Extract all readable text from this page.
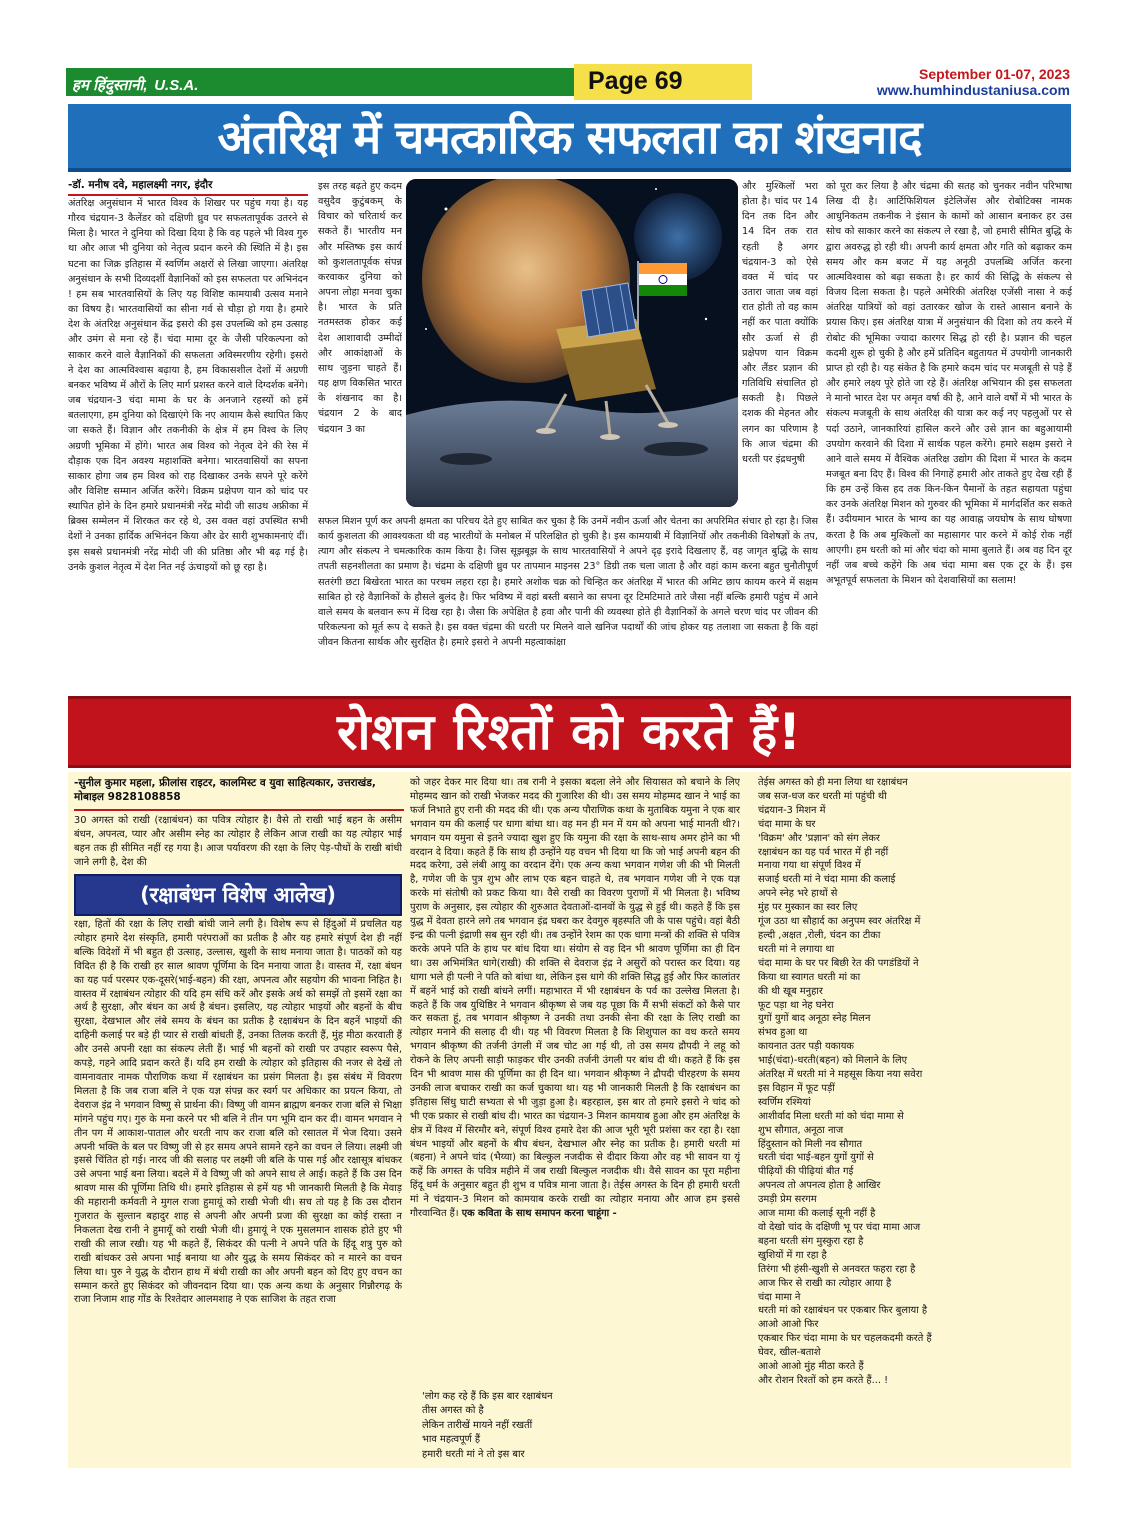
हम हिंदुस्तानी, U.S.A.	Page 69	September 01-07, 2023
www.humhindustaniusa.com
अंतरिक्ष में चमत्कारिक सफलता का शंखनाद
-डॉ. मनीष दवे, महालक्ष्मी नगर, इंदौर
अंतरिक्ष अनुसंधान में भारत विश्व के शिखर पर पहुंच गया है। यह गौरव चंद्रयान-3 कैलेंडर को दक्षिणी ध्रुव पर सफलतापूर्वक उतरने से मिला है। भारत ने दुनिया को दिखा दिया है कि वह पहले भी विश्व गुरु था और आज भी दुनिया को नेतृत्व प्रदान करने की स्थिति में है। इस घटना का जिक्र इतिहास में स्वर्णिम अक्षरों से लिखा जाएगा। अंतरिक्ष अनुसंधान के सभी दिव्यदर्शी वैज्ञानिकों को इस सफलता पर अभिनंदन ! हम सब भारतवासियों के लिए यह विशिष्ट कामयाबी उत्सव मनाने का विषय है। भारतवासियों का सीना गर्व से चौड़ा हो गया है। हमारे देश के अंतरिक्ष अनुसंधान केंद्र इसरो की इस उपलब्धि को हम उत्साह और उमंग से मना रहे हैं। चंदा मामा दूर के जैसी परिकल्पना को साकार करने वाले वैज्ञानिकों की सफलता अविस्मरणीय रहेगी। इसरो ने देश का आत्मविश्वास बढ़ाया है, हम विकासशील देशों में अग्रणी बनकर भविष्य में औरों के लिए मार्ग प्रशस्त करने वाले दिग्दर्शक बनेंगे। जब चंद्रयान-3 चंदा मामा के घर के अनजाने रहस्यों को हमें बतलाएगा, हम दुनिया को दिखाएंगे कि नए आयाम कैसे स्थापित किए जा सकते हैं। विज्ञान और तकनीकी के क्षेत्र में हम विश्व के लिए अग्रणी भूमिका में होंगे। भारत अब विश्व को नेतृत्व देने की रेस में दौड़ाक एक दिन अवश्य महाशक्ति बनेगा। भारतवासियों का सपना साकार होगा जब हम विश्व को राह दिखाकर उनके सपने पूरे करेंगे और विशिष्ट सम्मान अर्जित करेंगे। विक्रम प्रक्षेपण यान को चांद पर स्थापित होने के दिन हमारे प्रधानमंत्री नरेंद्र मोदी जी साउथ अफ्रीका में ब्रिक्स सम्मेलन में शिरकत कर रहे थे, उस वक्त वहां उपस्थित सभी देशों ने उनका हार्दिक अभिनंदन किया और ढेर सारी शुभकामनाएं दीं। इस सबसे प्रधानमंत्री नरेंद्र मोदी जी की प्रतिष्ठा और भी बढ़ गई है। उनके कुशल नेतृत्व में देश नित नई ऊंचाइयों को छू रहा है।
इस तरह बढ़ते हुए कदम वसुदैव कुटुंबकम् के विचार को चरितार्थ कर सकते हैं। भारतीय मन और मस्तिष्क इस कार्य को कुशलतापूर्वक संपन्न करवाकर दुनिया को अपना लोहा मनवा चुका है। भारत के प्रति नतमस्तक होकर कई देश आशावादी उम्मीदों और आकांक्षाओं के साथ जुड़ना चाहते हैं। यह क्षण विकसित भारत के शंखनाद का है। चंद्रयान 2 के बाद चंद्रयान 3 का
और मुश्किलों भरा होता है। चांद पर 14 दिन तक दिन और 14 दिन तक रात रहती है अगर चंद्रयान-3 को ऐसे वक्त में चांद पर उतारा जाता जब वहां रात होती तो वह काम नहीं कर पाता क्योंकि सौर ऊर्जा से ही प्रक्षेपण यान विक्रम और लैंडर प्रज्ञान की गतिविधि संचालित हो सकती है। पिछले दशक की मेहनत और लगन का परिणाम है कि आज चंद्रमा की धरती पर इंद्रधनुषी
को पूरा कर लिया है और चंद्रमा की सतह को चुनकर नवीन परिभाषा लिख दी है। आर्टिफिशियल इंटेलिजेंस और रोबोटिक्स नामक आधुनिकतम तकनीक ने इंसान के कामों को आसान बनाकर हर उस सोच को साकार करने का संकल्प ले रखा है, जो हमारी सीमित बुद्धि के द्वारा अवरुद्ध हो रही थी। अपनी कार्य क्षमता और गति को बढ़ाकर कम समय और कम बजट में यह अनूठी उपलब्धि अर्जित करना आत्मविश्वास को बढ़ा सकता है। हर कार्य की सिद्धि के संकल्प से विजय दिला सकता है। पहले अमेरिकी अंतरिक्ष एजेंसी नासा ने कई अंतरिक्ष यात्रियों को वहां उतारकर खोज के रास्ते आसान बनाने के प्रयास किए। इस अंतरिक्ष यात्रा में अनुसंधान की दिशा को तय करने में रोबोट की भूमिका ज्यादा कारगर सिद्ध हो रही है। प्रज्ञान की चहल कदमी शुरू हो चुकी है और हमें प्रतिदिन बहुतायत में उपयोगी जानकारी प्राप्त हो रही है। यह संकेत है कि हमारे कदम चांद पर मजबूती से पड़े हैं और हमारे लक्ष्य पूरे होते जा रहे हैं। अंतरिक्ष अभियान की इस सफलता ने मानो भारत देश पर अमृत वर्षा की है, आने वाले वर्षों में भी भारत के संकल्प मजबूती के साथ अंतरिक्ष की यात्रा कर कई नए पहलुओं पर से पर्दा उठाने, जानकारियां हासिल करने और उसे ज्ञान का बहुआयामी उपयोग करवाने की दिशा में सार्थक पहल करेंगे। हमारे सक्षम इसरो ने आने वाले समय में वैश्विक अंतरिक्ष उद्योग की दिशा में भारत के कदम मजबूत बना दिए हैं। विश्व की निगाहें हमारी ओर ताकते हुए देख रही हैं कि हम उन्हें किस हद तक किन-किन पैमानों के तहत सहायता पहुंचा कर उनके अंतरिक्ष मिशन को गुरुवर की भूमिका में मार्गदर्शित कर सकते हैं। उदीयमान भारत के भाग्य का यह आवाह्न जयघोष के साथ घोषणा करता है कि अब मुश्किलों का महासागर पार करने में कोई रोक नहीं आएगी। हम धरती को मां और चंदा को मामा बुलाते हैं। अब वह दिन दूर नहीं जब बच्चे कहेंगे कि अब चंदा मामा बस एक टूर के हैं। इस अभूतपूर्व सफलता के मिशन को देशवासियों का सलाम!
सफल मिशन पूर्ण कर अपनी क्षमता का परिचय देते हुए साबित कर चुका है कि उनमें नवीन ऊर्जा और चेतना का अपरिमित संचार हो रहा है। जिस कार्य कुशलता की आवश्यकता थी वह भारतीयों के मनोबल में परिलक्षित हो चुकी है। इस कामयाबी में विज्ञानियों और तकनीकी विशेषज्ञों के तप, त्याग और संकल्प ने चमत्कारिक काम किया है। जिस सूझबूझ के साथ भारतवासियों ने अपने दृढ़ इरादे दिखलाए हैं, वह जागृत बुद्धि के साथ तपती सहनशीलता का प्रमाण है। चंद्रमा के दक्षिणी ध्रुव पर तापमान माइनस 23° डिग्री तक चला जाता है और वहां काम करना बहुत चुनौतीपूर्ण सतरंगी छटा बिखेरता भारत का परचम लहरा रहा है। हमारे अशोक चक्र को चिन्हित कर अंतरिक्ष में भारत की अमिट छाप कायम करने में सक्षम साबित हो रहे वैज्ञानिकों के हौसले बुलंद है। फिर भविष्य में वहां बस्ती बसाने का सपना दूर टिमटिमाते तारे जैसा नहीं बल्कि हमारी पहुंच में आने वाले समय के बलवान रूप में दिख रहा है। जैसा कि अपेक्षित है हवा और पानी की व्यवस्था होते ही वैज्ञानिकों के अगले चरण चांद पर जीवन की परिकल्पना को मूर्त रूप दे सकते है। इस वक्त चंद्रमा की धरती पर मिलने वाले खनिज पदार्थों की जांच होकर यह तलाशा जा सकता है कि वहां जीवन कितना सार्थक और सुरक्षित है। हमारे इसरो ने अपनी महत्वाकांक्षा
रोशन रिश्तों को करते हैं!
-सुनील कुमार महला, फ्रीलांस राइटर, कालमिस्ट व युवा साहित्यकार, उत्तराखंड, मोबाइल 9828108858
30 अगस्त को राखी (रक्षाबंधन) का पवित्र त्योहार है। वैसे तो राखी भाई बहन के असीम बंधन, अपनत्व, प्यार और असीम स्नेह का त्योहार है लेकिन आज राखी का यह त्योहार भाई बहन तक ही सीमित नहीं रह गया है। आज पर्यावरण की रक्षा के लिए पेड़-पौधों के राखी बांधी जाने लगी है, देश की
(रक्षाबंधन विशेष आलेख)
रक्षा, हितों की रक्षा के लिए राखी बांधी जाने लगी है। विशेष रूप से हिंदुओं में प्रचलित यह त्योहार हमारे देश संस्कृति, हमारी परंपराओं का प्रतीक है और यह हमारे संपूर्ण देश ही नहीं बल्कि विदेशों में भी बहुत ही उत्साह, उल्लास, खुशी के साथ मनाया जाता है। पाठकों को यह विदित ही है कि राखी हर साल श्रावण पूर्णिमा के दिन मनाया जाता है। वास्तव में, रक्षा बंधन का यह पर्व परस्पर एक-दूसरे(भाई-बहन) की रक्षा, अपनत्व और सहयोग की भावना निहित है। वास्तव में रक्षाबंधन त्योहार की यदि हम संधि करें और इसके अर्थ को समझें तो इसमें रक्षा का अर्थ है सुरक्षा, और बंधन का अर्थ है बंधन। इसलिए, यह त्योहार भाइयों और बहनों के बीच सुरक्षा, देखभाल और लंबे समय के बंधन का प्रतीक है रक्षाबंधन के दिन बहनें भाइयों की दाहिनी कलाई पर बड़े ही प्यार से राखी बांधती हैं, उनका तिलक करती हैं, मुंह मीठा करवाती हैं और उनसे अपनी रक्षा का संकल्प लेती हैं। भाई भी बहनों को राखी पर उपहार स्वरूप पैसे, कपड़े, गहने आदि प्रदान करते हैं। यदि हम राखी के त्योहार को इतिहास की नजर से देखें तो वामनावतार नामक पौराणिक कथा में रक्षाबंधन का प्रसंग मिलता है। इस संबंध में विवरण मिलता है कि जब राजा बलि ने एक यज्ञ संपन्न कर स्वर्ग पर अधिकार का प्रयत्न किया, तो देवराज इंद्र ने भगवान विष्णु से प्रार्थना की। विष्णु जी वामन ब्राह्मण बनकर राजा बलि से भिक्षा मांगने पहुंच गए। गुरु के मना करने पर भी बलि ने तीन पग भूमि दान कर दी। वामन भगवान ने तीन पग में आकाश-पाताल और धरती नाप कर राजा बलि को रसातल में भेज दिया। उसने अपनी भक्ति के बल पर विष्णु जी से हर समय अपने सामने रहने का वचन ले लिया। लक्ष्मी जी इससे चिंतित हो गई। नारद जी की सलाह पर लक्ष्मी जी बलि के पास गई और रक्षासूत्र बांधकर उसे अपना भाई बना लिया। बदले में वे विष्णु जी को अपने साथ ले आई। कहते हैं कि उस दिन श्रावण मास की पूर्णिमा तिथि थी। हमारे इतिहास से हमें यह भी जानकारी मिलती है कि मेवाड़ की महारानी कर्मवती ने मुगल राजा हुमायूं को राखी भेजी थी। सच तो यह है कि उस दौरान गुजरात के सुल्तान बहादुर शाह से अपनी और अपनी प्रजा की सुरक्षा का कोई रास्ता न निकलता देख रानी ने हुमायूँ को राखी भेजी थी। हुमायूं ने एक मुसलमान शासक होते हुए भी राखी की लाज रखी। यह भी कहते हैं, सिकंदर की पत्नी ने अपने पति के हिंदू शत्रु पुरु को राखी बांधकर उसे अपना भाई बनाया था और युद्ध के समय सिकंदर को न मारने का वचन लिया था। पुरु ने युद्ध के दौरान हाथ में बंधी राखी का और अपनी बहन को दिए हुए वचन का सम्मान करते हुए सिकंदर को जीवनदान दिया था। एक अन्य कथा के अनुसार गिन्नौरगढ़ के राजा निजाम शाह गोंड के रिश्तेदार आलमशाह ने एक साजिश के तहत राजा
को जहर देकर मार दिया था। तब रानी ने इसका बदला लेने और सियासत को बचाने के लिए मोहम्मद खान को राखी भेजकर मदद की गुजारिश की थी। उस समय मोहम्मद खान ने भाई का फर्ज निभाते हुए रानी की मदद की थी। एक अन्य पौराणिक कथा के मुताबिक यमुना ने एक बार भगवान यम की कलाई पर धागा बांधा था। वह मन ही मन में यम को अपना भाई मानती थी?। भगवान यम यमुना से इतने ज्यादा खुश हुए कि यमुना की रक्षा के साथ-साथ अमर होने का भी वरदान दे दिया। कहते हैं कि साथ ही उन्होंने यह वचन भी दिया था कि जो भाई अपनी बहन की मदद करेगा, उसे लंबी आयु का वरदान देंगे। एक अन्य कथा भगवान गणेश जी की भी मिलती है, गणेश जी के पुत्र शुभ और लाभ एक बहन चाहते थे, तब भगवान गणेश जी ने एक यज्ञ करके मां संतोषी को प्रकट किया था। वैसे राखी का विवरण पुराणों में भी मिलता है। भविष्य पुराण के अनुसार, इस त्योहार की शुरुआत देवताओं-दानवों के युद्ध से हुई थी। कहते हैं कि इस युद्ध में देवता हारने लगे तब भगवान इंद्र घबरा कर देवगुरु बृहस्पति जी के पास पहुंचे। वहां बैठी इन्द्र की पत्नी इंद्राणी सब सुन रही थी। तब उन्होंने रेशम का एक धागा मन्त्रों की शक्ति से पवित्र करके अपने पति के हाथ पर बांध दिया था। संयोग से वह दिन भी श्रावण पूर्णिमा का ही दिन था। उस अभिमंत्रित धागे(राखी) की शक्ति से देवराज इंद्र ने असुरों को परास्त कर दिया। यह धागा भले ही पत्नी ने पति को बांधा था, लेकिन इस धागे की शक्ति सिद्ध हुई और फिर कालांतर में बहनें भाई को राखी बांधने लगीं। महाभारत में भी रक्षाबंधन के पर्व का उल्लेख मिलता है। कहते हैं कि जब युधिष्ठिर ने भगवान श्रीकृष्ण से जब यह पूछा कि मैं सभी संकटों को कैसे पार कर सकता हूं, तब भगवान श्रीकृष्ण ने उनकी तथा उनकी सेना की रक्षा के लिए राखी का त्योहार मनाने की सलाह दी थी। यह भी विवरण मिलता है कि शिशुपाल का वध करते समय भगवान श्रीकृष्ण की तर्जनी उंगली में जब चोट आ गई थी, तो उस समय द्रौपदी ने लहू को रोकने के लिए अपनी साड़ी फाड़कर चीर उनकी तर्जनी उंगली पर बांध दी थी। कहते हैं कि इस दिन भी श्रावण मास की पूर्णिमा का ही दिन था। भगवान श्रीकृष्ण ने द्रौपदी चीरहरण के समय उनकी लाज बचाकर राखी का कर्ज चुकाया था। यह भी जानकारी मिलती है कि रक्षाबंधन का इतिहास सिंधु घाटी सभ्यता से भी जुड़ा हुआ है। बहरहाल, इस बार तो हमारे इसरो ने चांद को भी एक प्रकार से राखी बांध दी। भारत का चंद्रयान-3 मिशन कामयाब हुआ और हम अंतरिक्ष के क्षेत्र में विश्व में सिरमौर बने, संपूर्ण विश्व हमारे देश की आज भूरी भूरी प्रशंसा कर रहा है। रक्षा बंधन भाइयों और बहनों के बीच बंधन, देखभाल और स्नेह का प्रतीक है। हमारी धरती मां (बहना) ने अपने चांद (भैय्या) का बिल्कुल नजदीक से दीदार किया और वह भी सावन या यूं कहें कि अगस्त के पवित्र महीने में जब राखी बिल्कुल नजदीक थी। वैसे सावन का पूरा महीना हिंदू धर्म के अनुसार बहुत ही शुभ व पवित्र माना जाता है। तेईस अगस्त के दिन ही हमारी धरती मां ने चंद्रयान-3 मिशन को कामयाब करके राखी का त्योहार मनाया और आज हम इससे गौरवान्वित हैं। एक कविता के साथ समापन करना चाहूंगा -
'लोग कह रहे हैं कि इस बार रक्षाबंधन
तीस अगस्त को है
लेकिन तारीखें मायने नहीं रखतीं
भाव महत्वपूर्ण हैं
हमारी धरती मां ने तो इस बार
तेईस अगस्त को ही मना लिया था रक्षाबंधन
जब सज-धज कर धरती मां पहुंची थी
चंद्रयान-3 मिशन में
चंदा मामा के घर
'विक्रम' और 'प्रज्ञान' को संग लेकर
रक्षाबंधन का यह पर्व भारत में ही नहीं
मनाया गया था संपूर्ण विश्व में
सजाई धरती मां ने चंदा मामा की कलाई
अपने स्नेह भरे हाथों से
मुंह पर मुस्कान का स्वर लिए
गूंज उठा था सौहार्द का अनुपम स्वर अंतरिक्ष में
हल्दी ,अक्षत ,रोली, चंदन का टीका
धरती मां ने लगाया था
चंदा मामा के घर पर बिछी रेत की पगडंडियों ने
किया था स्वागत धरती मां का
की थी खूब मनुहार
फूट पड़ा था नेह घनेरा
युगों युगों बाद अनूठा स्नेह मिलन
संभव हुआ था
कायनात उतर पड़ी यकायक
भाई(चंदा)-धरती(बहन) को मिलाने के लिए
अंतरिक्ष में धरती मां ने महसूस किया नया सवेरा
इस विहान में फूट पड़ीं
स्वर्णिम रश्मियां
आशीर्वाद मिला धरती मां को चंदा मामा से
शुभ सौगात, अनूठा नाज
हिंदुस्तान को मिली नव सौगात
धरती चंदा भाई-बहन युगों युगों से
पीढ़ियों की पीढ़ियां बीत गई
अपनत्व तो अपनत्व होता है आखिर
उमड़ी प्रेम सरगम
आज मामा की कलाई सूनी नहीं है
वो देखो चांद के दक्षिणी भू पर चंदा मामा आज
बहना धरती संग मुस्कुरा रहा है
खुशियों में गा रहा है
तिरंगा भी हंसी-खुशी से अनवरत फहरा रहा है
आज फिर से राखी का त्योहार आया है
चंदा मामा ने
धरती मां को रक्षाबंधन पर एकबार फिर बुलाया है
आओ आओ फिर
एकबार फिर चंदा मामा के घर चहलकदमी करते हैं
घेवर, खील-बताशे
आओ आओ मुंह मीठा करते हैं
और रोशन रिश्तों को हम करते हैं... !
